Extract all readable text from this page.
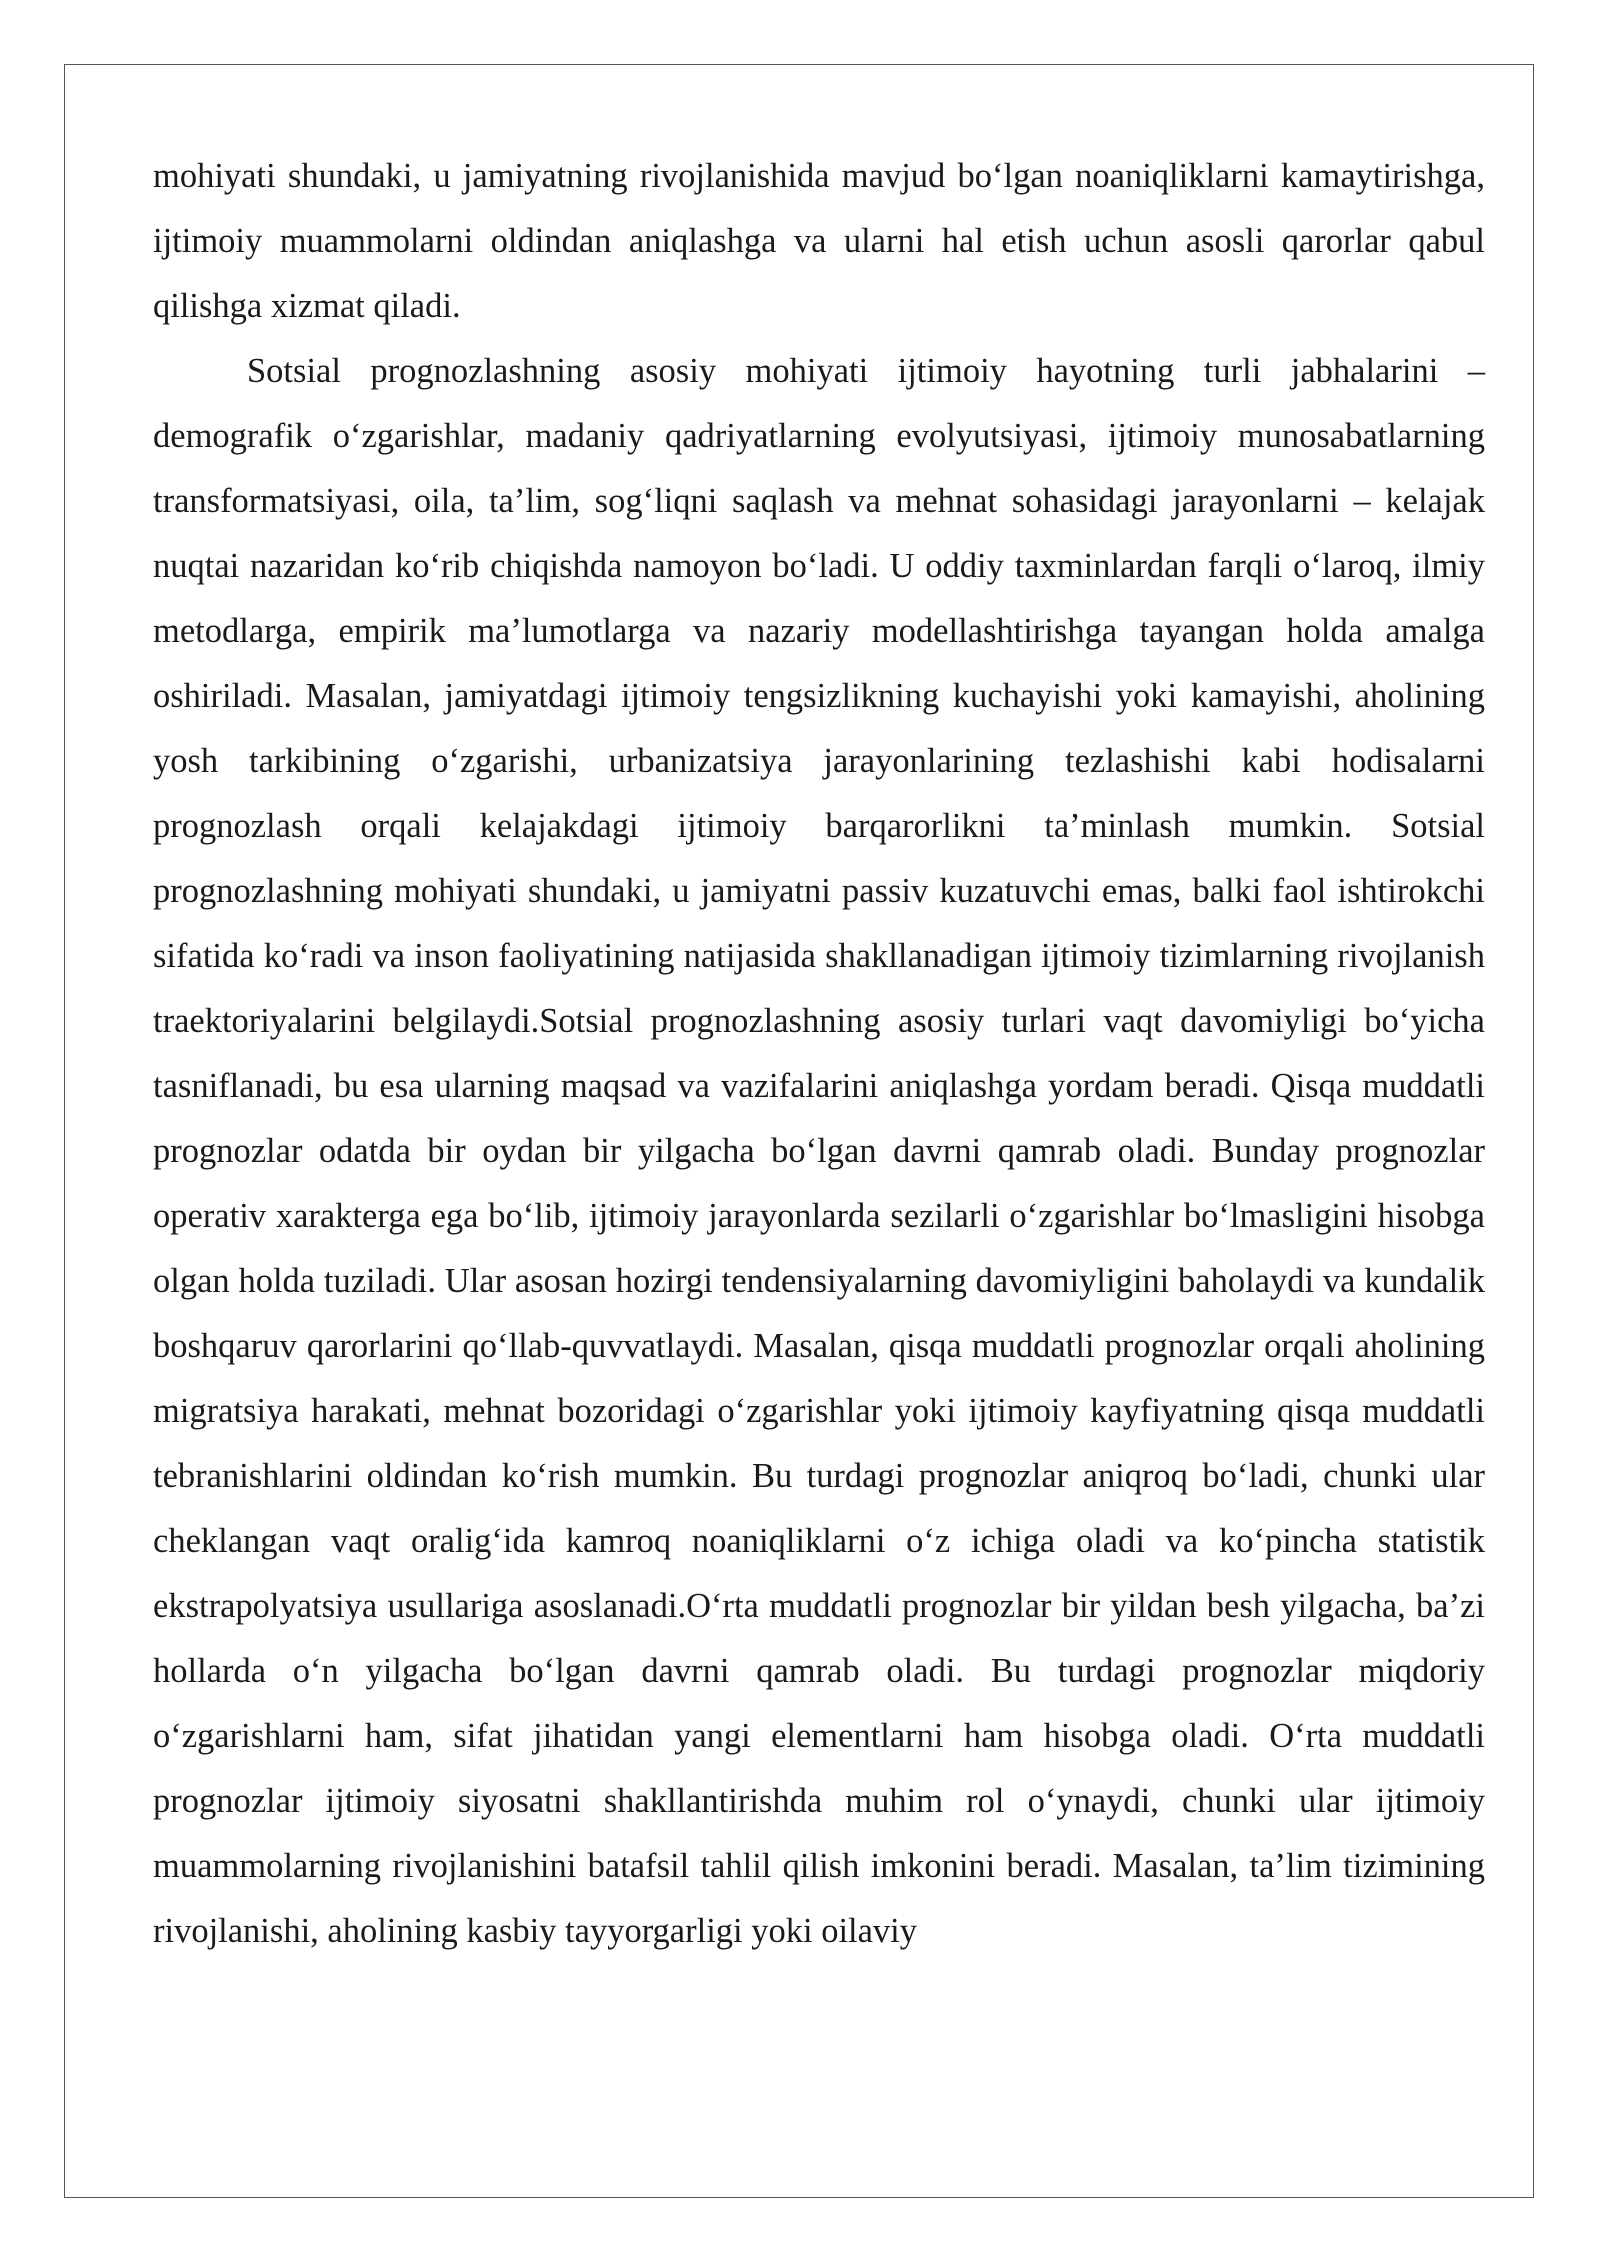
mohiyati shundaki, u jamiyatning rivojlanishida mavjud bo‘lgan noaniqliklarni kamaytirishga, ijtimoiy muammolarni oldindan aniqlashga va ularni hal etish uchun asosli qarorlar qabul qilishga xizmat qiladi.

Sotsial prognozlashning asosiy mohiyati ijtimoiy hayotning turli jabhalarini – demografik o‘zgarishlar, madaniy qadriyatlarning evolyutsiyasi, ijtimoiy munosabatlarning transformatsiyasi, oila, ta’lim, sog‘liqni saqlash va mehnat sohasidagi jarayonlarni – kelajak nuqtai nazaridan ko‘rib chiqishda namoyon bo‘ladi. U oddiy taxminlardan farqli o‘laroq, ilmiy metodlarga, empirik ma’lumotlarga va nazariy modellashtirishga tayangan holda amalga oshiriladi. Masalan, jamiyatdagi ijtimoiy tengsizlikning kuchayishi yoki kamayishi, aholining yosh tarkibining o‘zgarishi, urbanizatsiya jarayonlarining tezlashishi kabi hodisalarni prognozlash orqali kelajakdagi ijtimoiy barqarorlikni ta’minlash mumkin. Sotsial prognozlashning mohiyati shundaki, u jamiyatni passiv kuzatuvchi emas, balki faol ishtirokchi sifatida ko‘radi va inson faoliyatining natijasida shakllanadigan ijtimoiy tizimlarning rivojlanish traektoriyalarini belgilaydi.Sotsial prognozlashning asosiy turlari vaqt davomiyligi bo‘yicha tasniflanadi, bu esa ularning maqsad va vazifalarini aniqlashga yordam beradi. Qisqa muddatli prognozlar odatda bir oydan bir yilgacha bo‘lgan davrni qamrab oladi. Bunday prognozlar operativ xarakterga ega bo‘lib, ijtimoiy jarayonlarda sezilarli o‘zgarishlar bo‘lmasligini hisobga olgan holda tuziladi. Ular asosan hozirgi tendensiyalarning davomiyligini baholaydi va kundalik boshqaruv qarorlarini qo‘llab-quvvatlaydi. Masalan, qisqa muddatli prognozlar orqali aholining migratsiya harakati, mehnat bozoridagi o‘zgarishlar yoki ijtimoiy kayfiyatning qisqa muddatli tebranishlarini oldindan ko‘rish mumkin. Bu turdagi prognozlar aniqroq bo‘ladi, chunki ular cheklangan vaqt oralig‘ida kamroq noaniqliklarni o‘z ichiga oladi va ko‘pincha statistik ekstrapolyatsiya usullariga asoslanadi.O‘rta muddatli prognozlar bir yildan besh yilgacha, ba’zi hollarda o‘n yilgacha bo‘lgan davrni qamrab oladi. Bu turdagi prognozlar miqdoriy o‘zgarishlarni ham, sifat jihatidan yangi elementlarni ham hisobga oladi. O‘rta muddatli prognozlar ijtimoiy siyosatni shakllantirishda muhim rol o‘ynaydi, chunki ular ijtimoiy muammolarning rivojlanishini batafsil tahlil qilish imkonini beradi. Masalan, ta’lim tizimining rivojlanishi, aholining kasbiy tayyorgarligi yoki oilaviy
